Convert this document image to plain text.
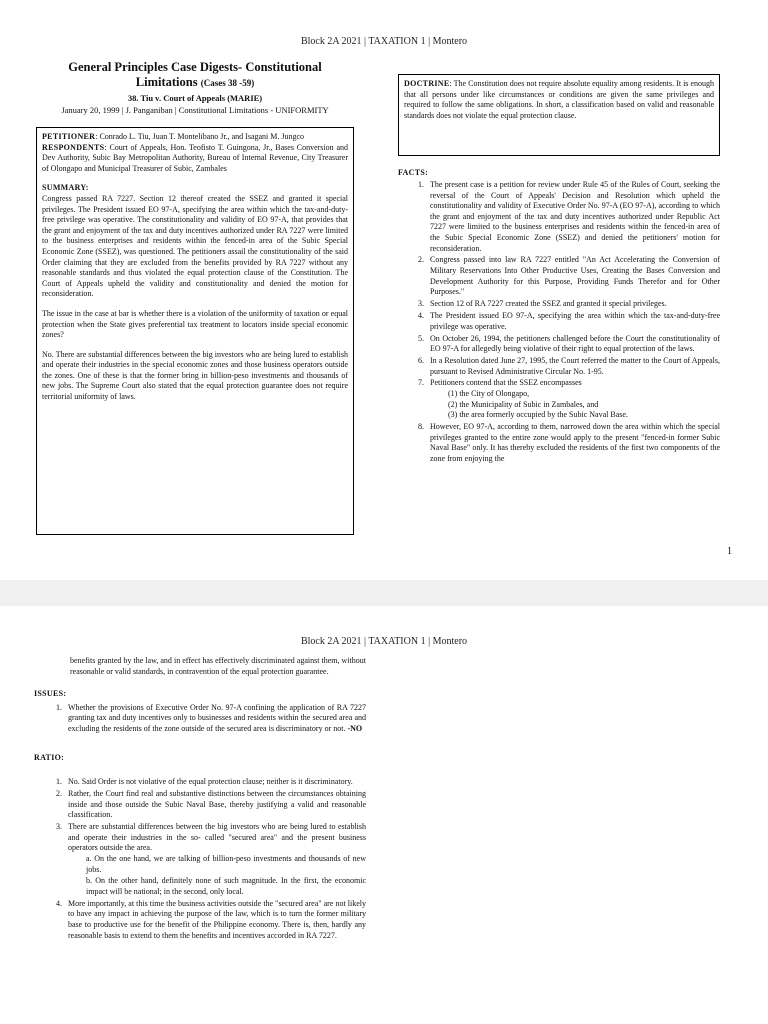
Block 2A 2021 | TAXATION 1 | Montero
General Principles Case Digests- Constitutional Limitations (Cases 38 -59)
38. Tiu v. Court of Appeals (MARIE)
January 20, 1999 | J. Panganiban | Constitutional Limitations - UNIFORMITY
PETITIONER: Conrado L. Tiu, Juan T. Montelibano Jr., and Isagani M. Jungco
RESPONDENTS: Court of Appeals, Hon. Teofisto T. Guingona, Jr., Bases Conversion and Dev Authority, Subic Bay Metropolitan Authority, Bureau of Internal Revenue, City Treasurer of Olongapo and Municipal Treasurer of Subic, Zambales
SUMMARY:
Congress passed RA 7227. Section 12 thereof created the SSEZ and granted it special privileges. The President issued EO 97-A, specifying the area within which the tax-and-duty-free privilege was operative. The constitutionality and validity of EO 97-A, that provides that the grant and enjoyment of the tax and duty incentives authorized under RA 7227 were limited to the business enterprises and residents within the fenced-in area of the Subic Special Economic Zone (SSEZ), was questioned. The petitioners assail the constitutionality of the said Order claiming that they are excluded from the benefits provided by RA 7227 without any reasonable standards and thus violated the equal protection clause of the Constitution. The Court of Appeals upheld the validity and constitutionality and denied the motion for reconsideration.
The issue in the case at bar is whether there is a violation of the uniformity of taxation or equal protection when the State gives preferential tax treatment to locators inside special economic zones?
No. There are substantial differences between the big investors who are being lured to establish and operate their industries in the special economic zones and those business operators outside the zones. One of these is that the former bring in billion-peso investments and thousands of new jobs. The Supreme Court also stated that the equal protection guarantee does not require territorial uniformity of laws.
DOCTRINE: The Constitution does not require absolute equality among residents. It is enough that all persons under like circumstances or conditions are given the same privileges and required to follow the same obligations. In short, a classification based on valid and reasonable standards does not violate the equal protection clause.
FACTS:
1. The present case is a petition for review under Rule 45 of the Rules of Court, seeking the reversal of the Court of Appeals' Decision and Resolution which upheld the constitutionality and validity of Executive Order No. 97-A (EO 97-A), according to which the grant and enjoyment of the tax and duty incentives authorized under Republic Act 7227 were limited to the business enterprises and residents within the fenced-in area of the Subic Special Economic Zone (SSEZ) and denied the petitioners' motion for reconsideration.
2. Congress passed into law RA 7227 entitled "An Act Accelerating the Conversion of Military Reservations Into Other Productive Uses, Creating the Bases Conversion and Development Authority for this Purpose, Providing Funds Therefor and for Other Purposes."
3. Section 12 of RA 7227 created the SSEZ and granted it special privileges.
4. The President issued EO 97-A, specifying the area within which the tax-and-duty-free privilege was operative.
5. On October 26, 1994, the petitioners challenged before the Court the constitutionality of EO 97-A for allegedly being violative of their right to equal protection of the laws.
6. In a Resolution dated June 27, 1995, the Court referred the matter to the Court of Appeals, pursuant to Revised Administrative Circular No. 1-95.
7. Petitioners contend that the SSEZ encompasses
(1) the City of Olongapo,
(2) the Municipality of Subic in Zambales, and
(3) the area formerly occupied by the Subic Naval Base.
8. However, EO 97-A, according to them, narrowed down the area within which the special privileges granted to the entire zone would apply to the present "fenced-in former Subic Naval Base" only. It has thereby excluded the residents of the first two components of the zone from enjoying the
1
Block 2A 2021 | TAXATION 1 | Montero
benefits granted by the law, and in effect has effectively discriminated against them, without reasonable or valid standards, in contravention of the equal protection guarantee.
ISSUES:
1. Whether the provisions of Executive Order No. 97-A confining the application of RA 7227 granting tax and duty incentives only to businesses and residents within the secured area and excluding the residents of the zone outside of the secured area is discriminatory or not. -NO
RATIO:
1. No. Said Order is not violative of the equal protection clause; neither is it discriminatory.
2. Rather, the Court find real and substantive distinctions between the circumstances obtaining inside and those outside the Subic Naval Base, thereby justifying a valid and reasonable classification.
3. There are substantial differences between the big investors who are being lured to establish and operate their industries in the so- called "secured area" and the present business operators outside the area.
a. On the one hand, we are talking of billion-peso investments and thousands of new jobs.
b. On the other hand, definitely none of such magnitude. In the first, the economic impact will be national; in the second, only local.
4. More importantly, at this time the business activities outside the "secured area" are not likely to have any impact in achieving the purpose of the law, which is to turn the former military base to productive use for the benefit of the Philippine economy. There is, then, hardly any reasonable basis to extend to them the benefits and incentives accorded in RA 7227.
